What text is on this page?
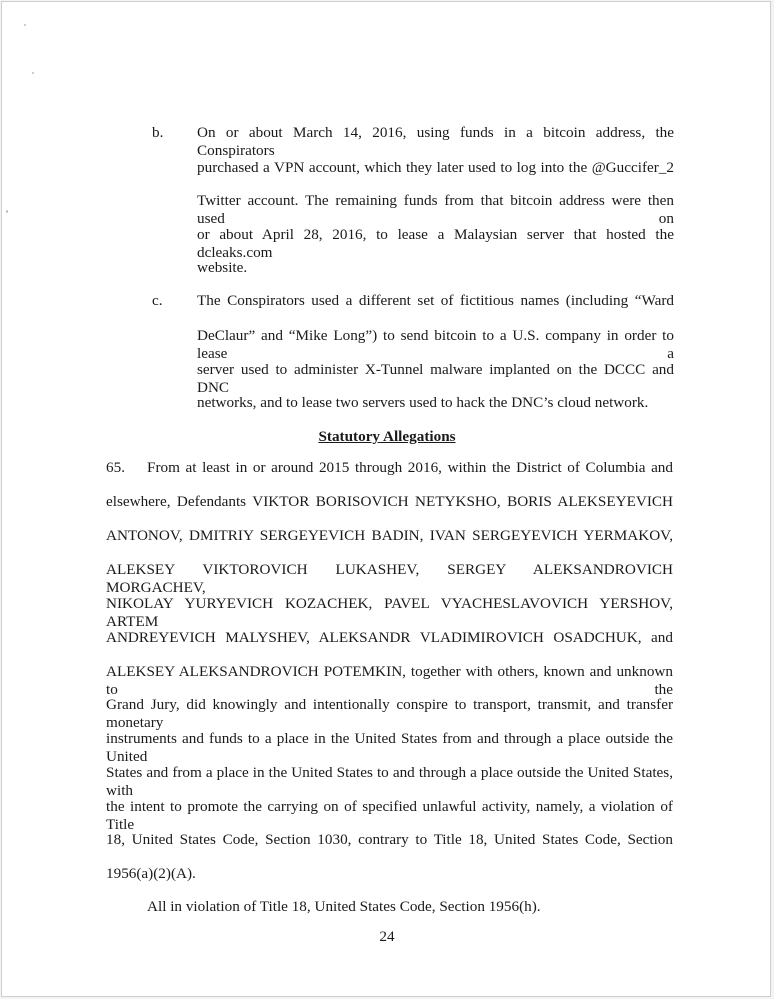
b. On or about March 14, 2016, using funds in a bitcoin address, the Conspirators
purchased a VPN account, which they later used to log into the @Guccifer_2
Twitter account. The remaining funds from that bitcoin address were then used on
or about April 28, 2016, to lease a Malaysian server that hosted the dcleaks.com
website.
c. The Conspirators used a different set of fictitious names (including “Ward
DeClaur” and “Mike Long”) to send bitcoin to a U.S. company in order to lease a
server used to administer X-Tunnel malware implanted on the DCCC and DNC
networks, and to lease two servers used to hack the DNC’s cloud network.
Statutory Allegations
65. From at least in or around 2015 through 2016, within the District of Columbia and
elsewhere, Defendants VIKTOR BORISOVICH NETYKSHO, BORIS ALEKSEYEVICH
ANTONOV, DMITRIY SERGEYEVICH BADIN, IVAN SERGEYEVICH YERMAKOV,
ALEKSEY VIKTOROVICH LUKASHEV, SERGEY ALEKSANDROVICH MORGACHEV,
NIKOLAY YURYEVICH KOZACHEK, PAVEL VYACHESLAVOVICH YERSHOV, ARTEM
ANDREYEVICH MALYSHEV, ALEKSANDR VLADIMIROVICH OSADCHUK, and
ALEKSEY ALEKSANDROVICH POTEMKIN, together with others, known and unknown to the
Grand Jury, did knowingly and intentionally conspire to transport, transmit, and transfer monetary
instruments and funds to a place in the United States from and through a place outside the United
States and from a place in the United States to and through a place outside the United States, with
the intent to promote the carrying on of specified unlawful activity, namely, a violation of Title
18, United States Code, Section 1030, contrary to Title 18, United States Code, Section
1956(a)(2)(A).
All in violation of Title 18, United States Code, Section 1956(h).
24
